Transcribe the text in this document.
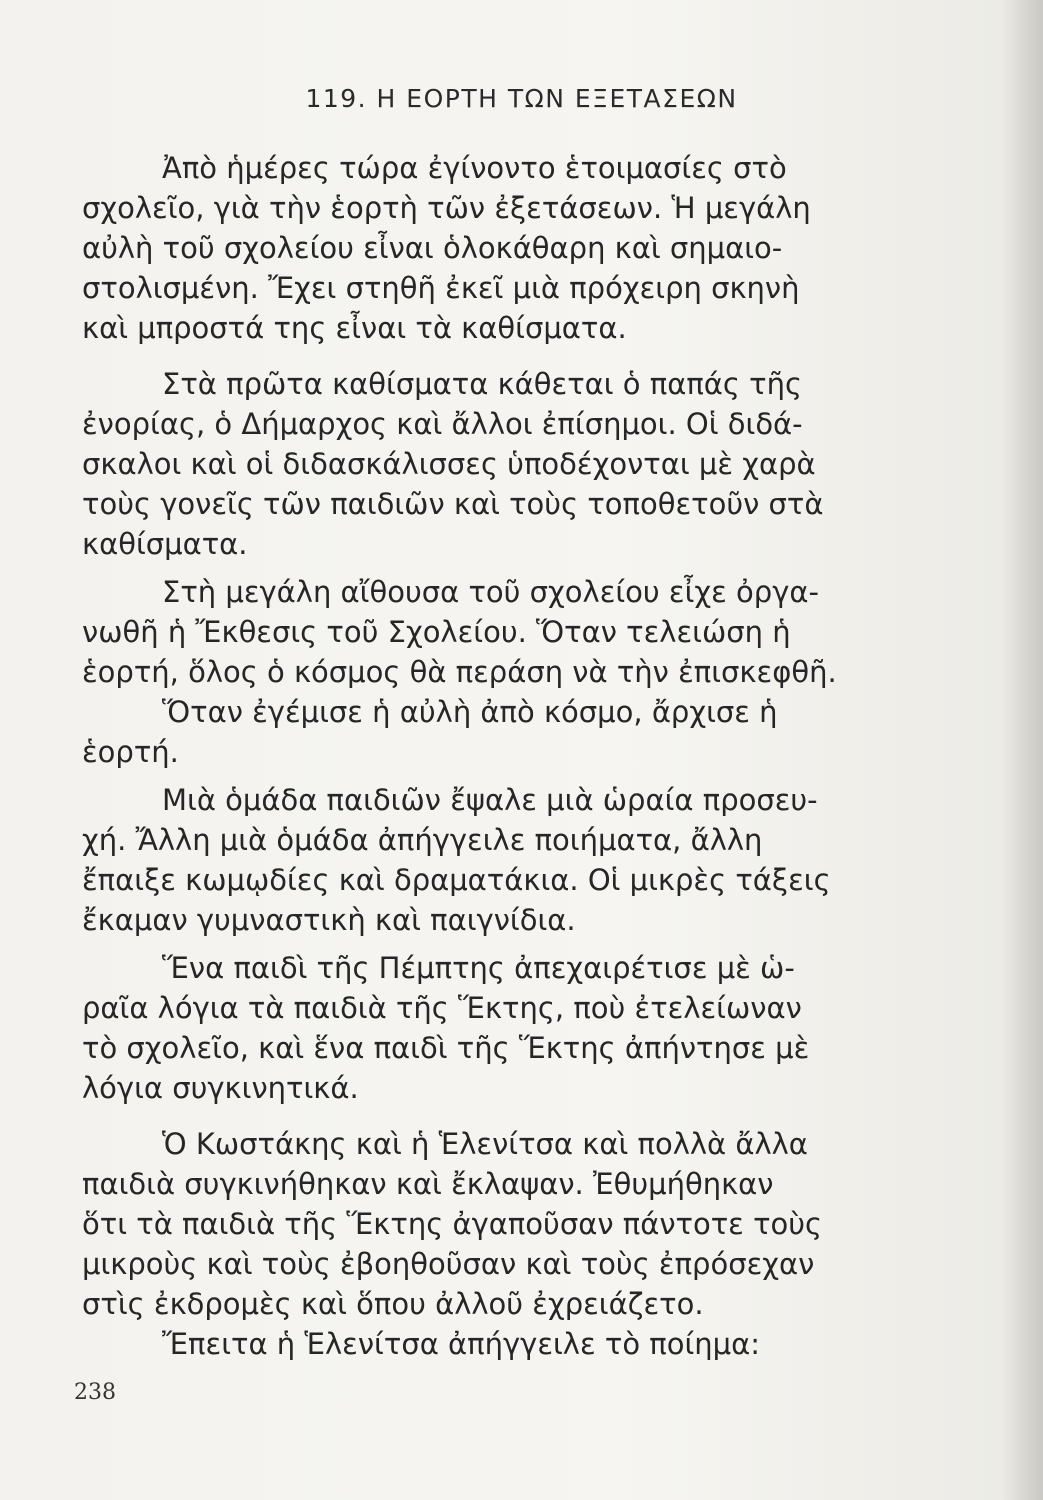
119. Η ΕΟΡΤΗ ΤΩΝ ΕΞΕΤΑΣΕΩΝ
Ἀπὸ ἡμέρες τώρα ἐγίνοντο ἑτοιμασίες στὸ
σχολεῖο, γιὰ τὴν ἑορτὴ τῶν ἐξετάσεων. Ἡ μεγάλη
αὐλὴ τοῦ σχολείου εἶναι ὁλοκάθαρη καὶ σημαιο-
στολισμένη. Ἔχει στηθῆ ἐκεῖ μιὰ πρόχειρη σκηνὴ
καὶ μπροστά της εἶναι τὰ καθίσματα.
Στὰ πρῶτα καθίσματα κάθεται ὁ παπάς τῆς
ἐνορίας, ὁ Δήμαρχος καὶ ἄλλοι ἐπίσημοι. Οἱ διδά-
σκαλοι καὶ οἱ διδασκάλισσες ὑποδέχονται μὲ χαρὰ
τοὺς γονεῖς τῶν παιδιῶν καὶ τοὺς τοποθετοῦν στὰ
καθίσματα.
Στὴ μεγάλη αἴθουσα τοῦ σχολείου εἶχε ὀργα-
νωθῆ ἡ Ἔκθεσις τοῦ Σχολείου. Ὅταν τελειώση ἡ
ἑορτή, ὅλος ὁ κόσμος θὰ περάση νὰ τὴν ἐπισκεφθῆ.
Ὅταν ἐγέμισε ἡ αὐλὴ ἀπὸ κόσμο, ἄρχισε ἡ
ἑορτή.
Μιὰ ὁμάδα παιδιῶν ἔψαλε μιὰ ὡραία προσευ-
χή. Ἄλλη μιὰ ὁμάδα ἀπήγγειλε ποιήματα, ἄλλη
ἔπαιξε κωμῳδίες καὶ δραματάκια. Οἱ μικρὲς τάξεις
ἔκαμαν γυμναστικὴ καὶ παιγνίδια.
Ἕνα παιδὶ τῆς Πέμπτης ἀπεχαιρέτισε μὲ ὡ-
ραῖα λόγια τὰ παιδιὰ τῆς Ἕκτης, ποὺ ἐτελείωναν
τὸ σχολεῖο, καὶ ἕνα παιδὶ τῆς Ἕκτης ἀπήντησε μὲ
λόγια συγκινητικά.
Ὁ Κωστάκης καὶ ἡ Ἑλενίτσα καὶ πολλὰ ἄλλα
παιδιὰ συγκινήθηκαν καὶ ἔκλαψαν. Ἐθυμήθηκαν
ὅτι τὰ παιδιὰ τῆς Ἕκτης ἀγαποῦσαν πάντοτε τοὺς
μικροὺς καὶ τοὺς ἐβοηθοῦσαν καὶ τοὺς ἐπρόσεχαν
στὶς ἐκδρομὲς καὶ ὅπου ἀλλοῦ ἐχρειάζετο.
Ἔπειτα ἡ Ἑλενίτσα ἀπήγγειλε τὸ ποίημα:
238
